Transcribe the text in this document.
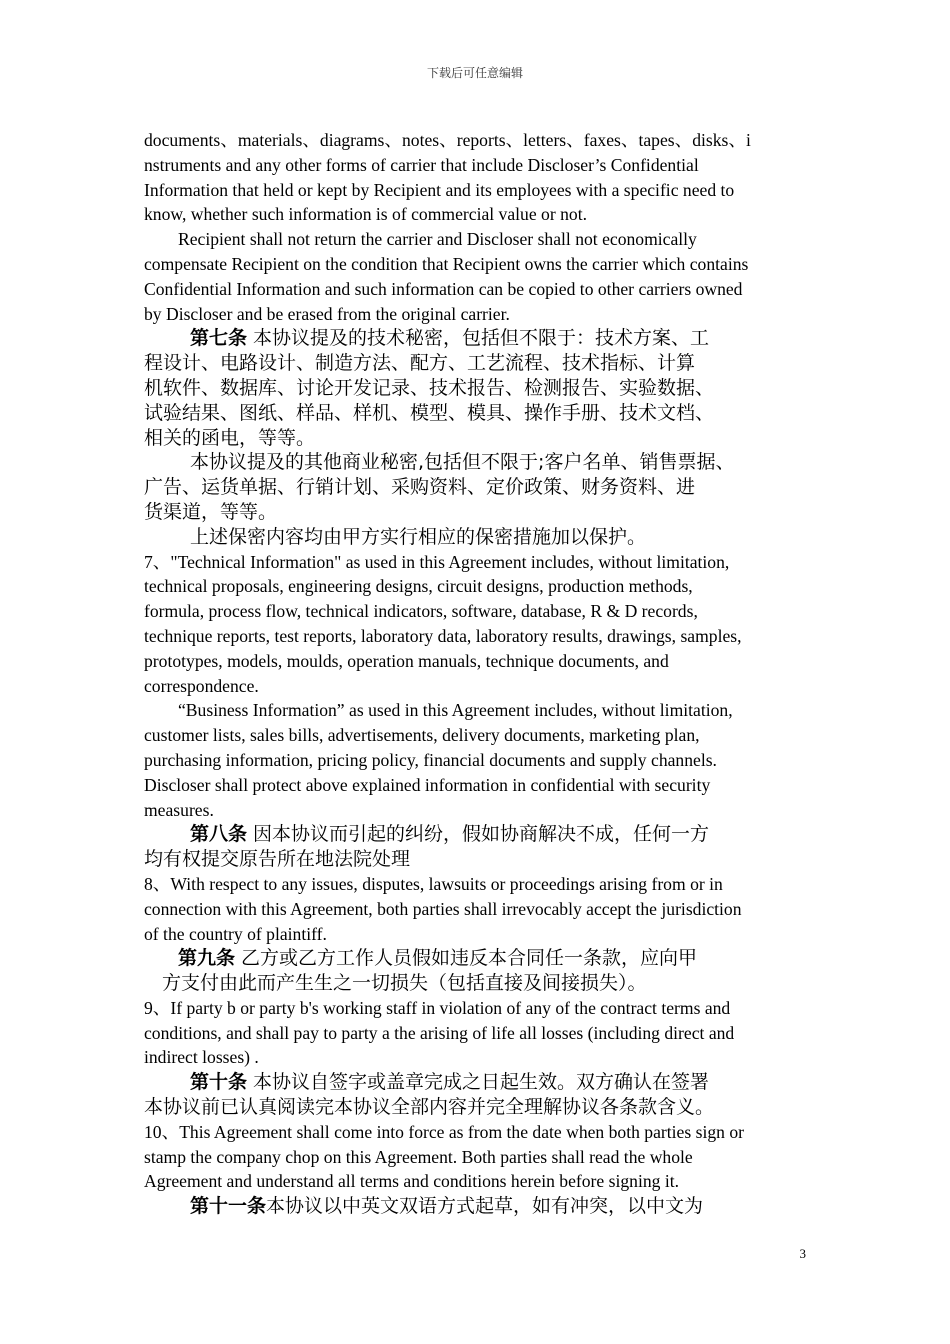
下载后可任意编辑

documents、materials、diagrams、notes、reports、letters、faxes、tapes、disks、i
nstruments and any other forms of carrier that include Discloser’s Confidential
Information that held or kept by Recipient and its employees with a specific need to
know, whether such information is of commercial value or not.

Recipient shall not return the carrier and Discloser shall not economically
compensate Recipient on the condition that Recipient owns the carrier which contains
Confidential Information and such information can be copied to other carriers owned
by Discloser and be erased from the original carrier.

第七条 本协议提及的技术秘密，包括但不限于：技术方案、工
程设计、电路设计、制造方法、配方、工艺流程、技术指标、计算
机软件、数据库、讨论开发记录、技术报告、检测报告、实验数据、
试验结果、图纸、样品、样机、模型、模具、操作手册、技术文档、
相关的函电，等等。
本协议提及的其他商业秘密,包括但不限于;客户名单、销售票据、
广告、运货单据、行销计划、采购资料、定价政策、财务资料、进
货渠道，等等。
上述保密内容均由甲方实行相应的保密措施加以保护。

7、"Technical Information" as used in this Agreement includes, without limitation,
technical proposals, engineering designs, circuit designs, production methods,
formula, process flow, technical indicators, software, database, R & D records,
technique reports, test reports, laboratory data, laboratory results, drawings, samples,
prototypes, models, moulds, operation manuals, technique documents, and
correspondence.
“Business Information” as used in this Agreement includes, without limitation,
customer lists, sales bills, advertisements, delivery documents, marketing plan,
purchasing information, pricing policy, financial documents and supply channels.
Discloser shall protect above explained information in confidential with security
measures.

第八条 因本协议而引起的纠纷，假如协商解决不成，任何一方
均有权提交原告所在地法院处理

8、With respect to any issues, disputes, lawsuits or proceedings arising from or in
connection with this Agreement, both parties shall irrevocably accept the jurisdiction
of the country of plaintiff.

第九条 乙方或乙方工作人员假如违反本合同任一条款，应向甲
方支付由此而产生生之一切损失（包括直接及间接损失）。

9、If party b or party b's working staff in violation of any of the contract terms and
conditions, and shall pay to party a the arising of life all losses (including direct and
indirect losses) .

第十条 本协议自签字或盖章完成之日起生效。双方确认在签署
本协议前已认真阅读完本协议全部内容并完全理解协议各条款含义。

10、This Agreement shall come into force as from the date when both parties sign or
stamp the company chop on this Agreement. Both parties shall read the whole
Agreement and understand all terms and conditions herein before signing it.

第十一条本协议以中英文双语方式起草，如有冲突，以中文为

3
